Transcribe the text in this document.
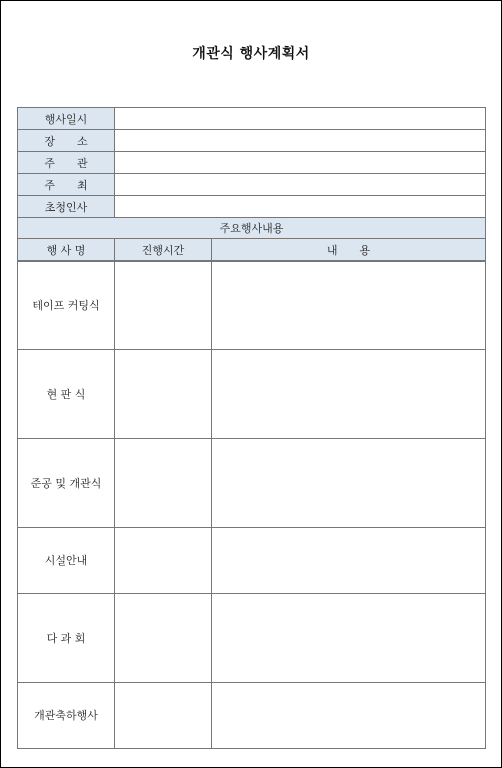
개관식 행사계획서
행사일시		
장　　소		
주　　관		
주　　최		
초청인사		
주요행사내용		
행 사 명	진행시간	내　　용
테이프 커팅식		
현 판 식		
준공 및 개관식		
시설안내		
다 과 회		
개관축하행사		
